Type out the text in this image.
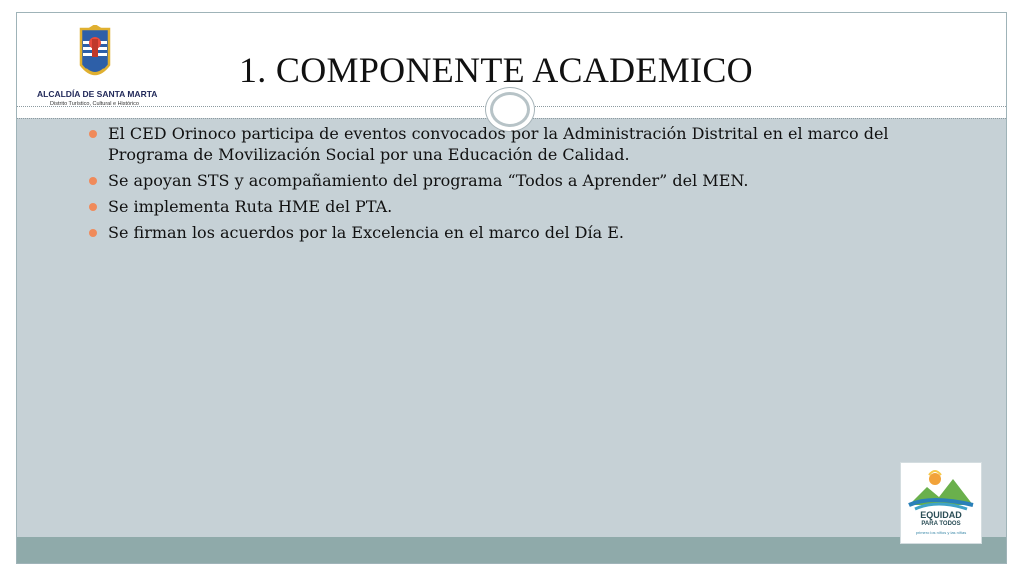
ALCALDÍA DE SANTA MARTA
Distrito Turístico, Cultural e Histórico
1. COMPONENTE ACADEMICO
El CED Orinoco participa de eventos convocados por la Administración Distrital en el marco del Programa de Movilización Social por una Educación de Calidad.
Se apoyan STS y acompañamiento del programa “Todos a Aprender” del MEN.
Se implementa Ruta HME del PTA.
Se firman los acuerdos por la Excelencia en el marco del Día E.
EQUIDAD
PARA TODOS
primero los niños y las niñas
